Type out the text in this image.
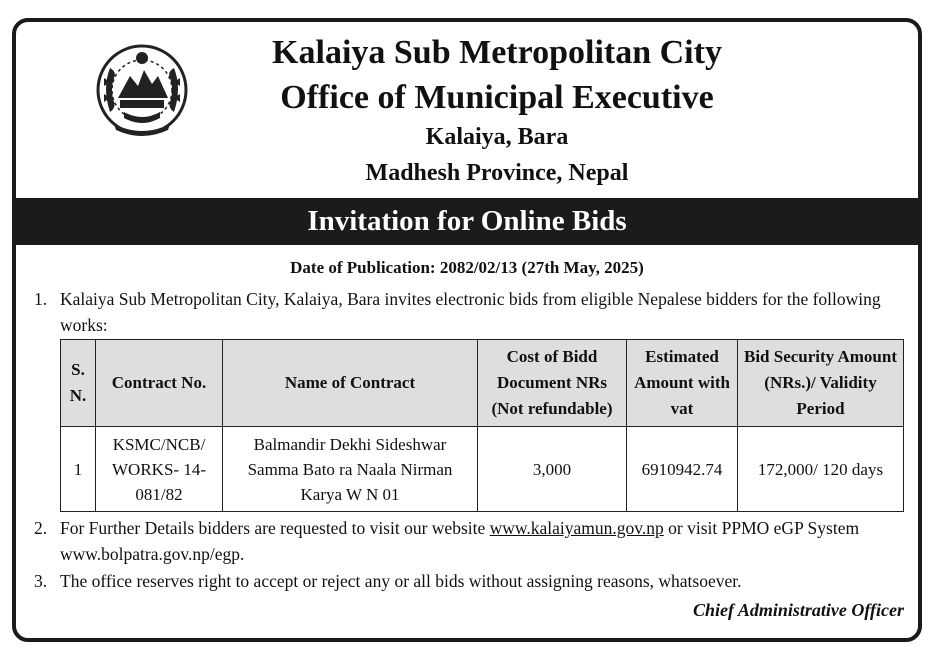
Kalaiya Sub Metropolitan City
Office of Municipal Executive
Kalaiya, Bara
Madhesh Province, Nepal
Invitation for Online Bids
Date of Publication: 2082/02/13 (27th May, 2025)
1. Kalaiya Sub Metropolitan City, Kalaiya, Bara invites electronic bids from eligible Nepalese bidders for the following works:
S. N.	Contract No.	Name of Contract	Cost of Bidd Document NRs (Not refundable)	Estimated Amount with vat	Bid Security Amount (NRs.)/ Validity Period
1	KSMC/NCB/ WORKS- 14- 081/82	Balmandir Dekhi Sideshwar Samma Bato ra Naala Nirman Karya W N 01	3,000	6910942.74	172,000/ 120 days
2. For Further Details bidders are requested to visit our website www.kalaiyamun.gov.np or visit PPMO eGP System www.bolpatra.gov.np/egp.
3. The office reserves right to accept or reject any or all bids without assigning reasons, whatsoever.
Chief Administrative Officer
